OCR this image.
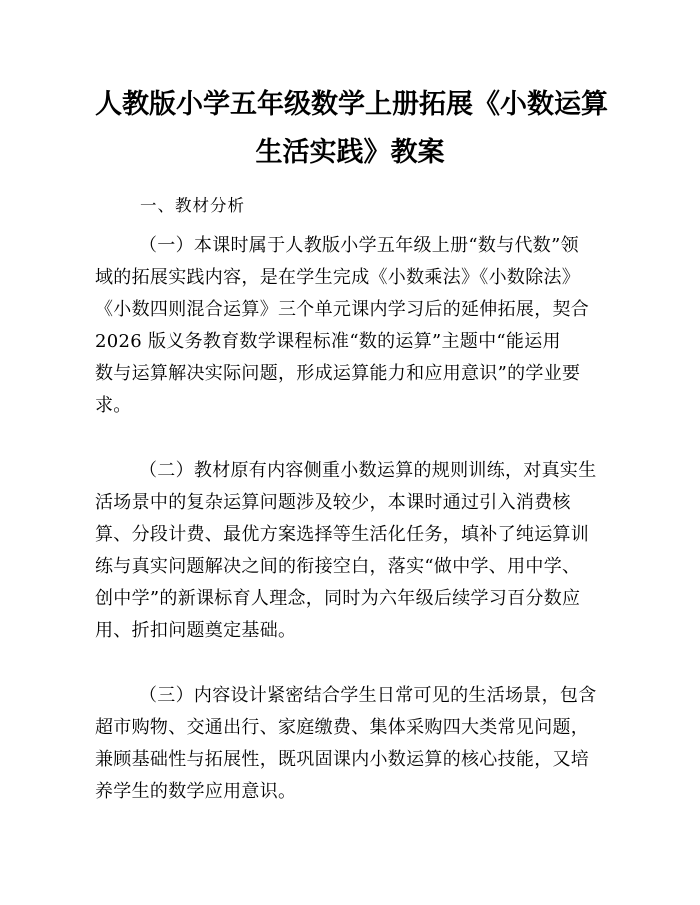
人教版小学五年级数学上册拓展《小数运算
生活实践》教案
一、教材分析
（一）本课时属于人教版小学五年级上册“数与代数”领
域的拓展实践内容，是在学生完成《小数乘法》《小数除法》
《小数四则混合运算》三个单元课内学习后的延伸拓展，契合
2026 版义务教育数学课程标准“数的运算”主题中“能运用
数与运算解决实际问题，形成运算能力和应用意识”的学业要
求。
（二）教材原有内容侧重小数运算的规则训练，对真实生
活场景中的复杂运算问题涉及较少，本课时通过引入消费核
算、分段计费、最优方案选择等生活化任务，填补了纯运算训
练与真实问题解决之间的衔接空白，落实“做中学、用中学、
创中学”的新课标育人理念，同时为六年级后续学习百分数应
用、折扣问题奠定基础。
（三）内容设计紧密结合学生日常可见的生活场景，包含
超市购物、交通出行、家庭缴费、集体采购四大类常见问题，
兼顾基础性与拓展性，既巩固课内小数运算的核心技能，又培
养学生的数学应用意识。
